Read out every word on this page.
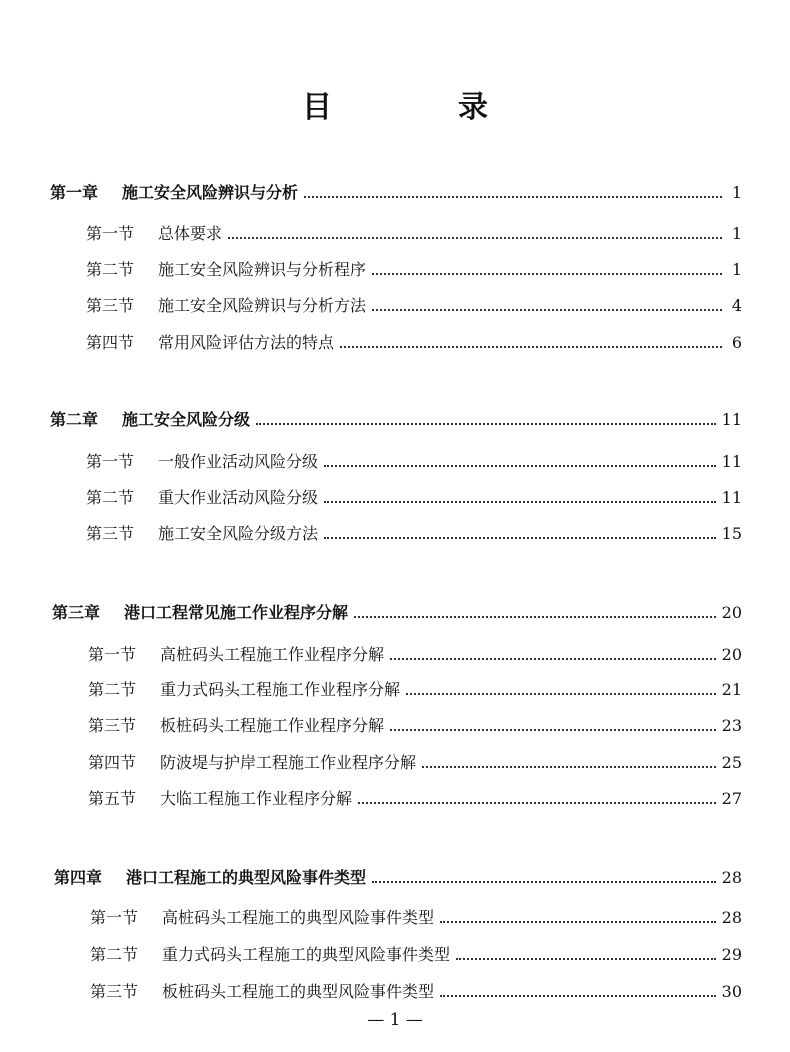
目　录
第一章	施工安全风险辨识与分析	1
第一节	总体要求	1
第二节	施工安全风险辨识与分析程序	1
第三节	施工安全风险辨识与分析方法	4
第四节	常用风险评估方法的特点	6
第二章	施工安全风险分级	11
第一节	一般作业活动风险分级	11
第二节	重大作业活动风险分级	11
第三节	施工安全风险分级方法	15
第三章	港口工程常见施工作业程序分解	20
第一节	高桩码头工程施工作业程序分解	20
第二节	重力式码头工程施工作业程序分解	21
第三节	板桩码头工程施工作业程序分解	23
第四节	防波堤与护岸工程施工作业程序分解	25
第五节	大临工程施工作业程序分解	27
第四章	港口工程施工的典型风险事件类型	28
第一节	高桩码头工程施工的典型风险事件类型	28
第二节	重力式码头工程施工的典型风险事件类型	29
第三节	板桩码头工程施工的典型风险事件类型	30
— 1 —
